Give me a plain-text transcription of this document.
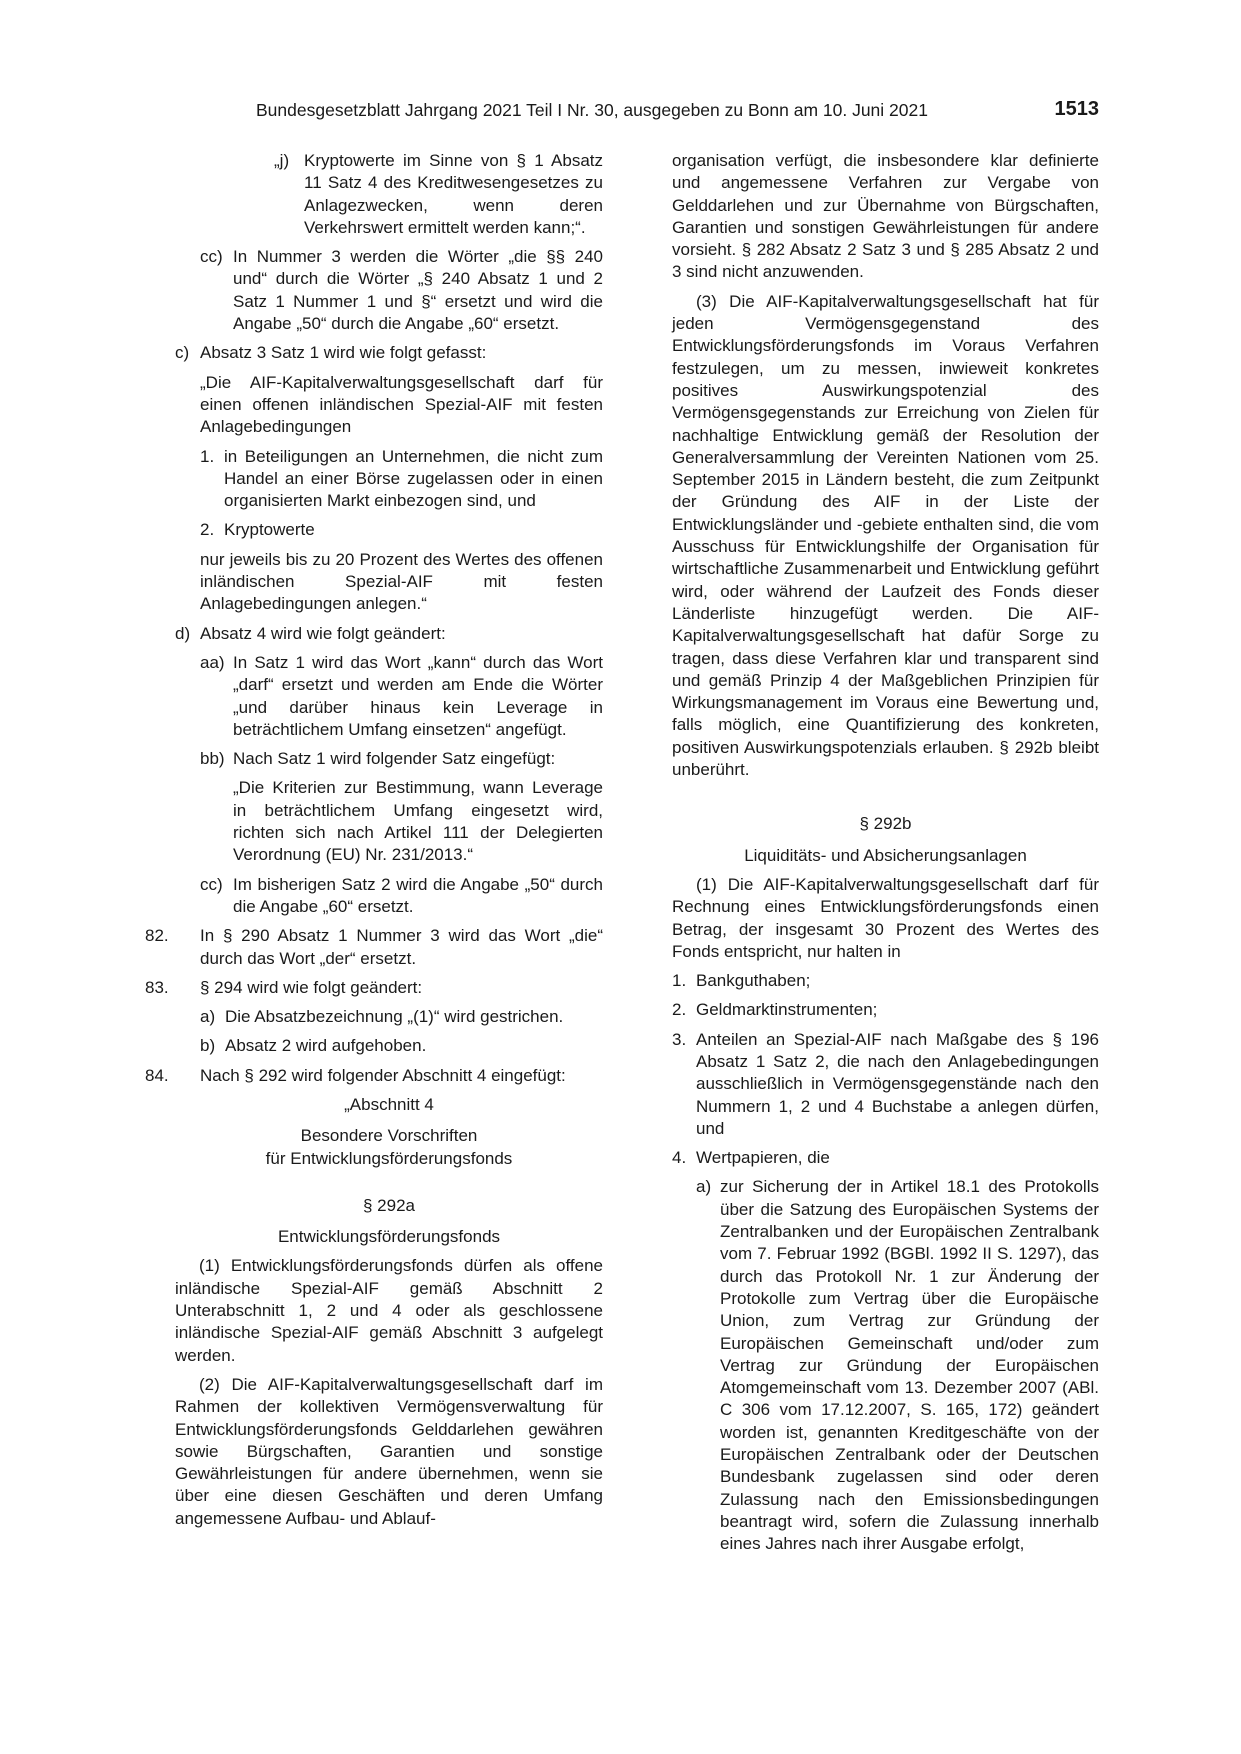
Bundesgesetzblatt Jahrgang 2021 Teil I Nr. 30, ausgegeben zu Bonn am 10. Juni 2021	1513
„j) Kryptowerte im Sinne von § 1 Absatz 11 Satz 4 des Kreditwesengesetzes zu Anlagezwecken, wenn deren Verkehrswert ermittelt werden kann;“.
cc) In Nummer 3 werden die Wörter „die §§ 240 und“ durch die Wörter „§ 240 Absatz 1 und 2 Satz 1 Nummer 1 und §“ ersetzt und wird die Angabe „50“ durch die Angabe „60“ ersetzt.
c) Absatz 3 Satz 1 wird wie folgt gefasst:

„Die AIF-Kapitalverwaltungsgesellschaft darf für einen offenen inländischen Spezial-AIF mit festen Anlagebedingungen

1. in Beteiligungen an Unternehmen, die nicht zum Handel an einer Börse zugelassen oder in einen organisierten Markt einbezogen sind, und
2. Kryptowerte

nur jeweils bis zu 20 Prozent des Wertes des offenen inländischen Spezial-AIF mit festen Anlagebedingungen anlegen.“

d) Absatz 4 wird wie folgt geändert:
aa) In Satz 1 wird das Wort „kann“ durch das Wort „darf“ ersetzt und werden am Ende die Wörter „und darüber hinaus kein Leverage in beträchtlichem Umfang einsetzen“ angefügt.
bb) Nach Satz 1 wird folgender Satz eingefügt:

„Die Kriterien zur Bestimmung, wann Leverage in beträchtlichem Umfang eingesetzt wird, richten sich nach Artikel 111 der Delegierten Verordnung (EU) Nr. 231/2013.“

cc) Im bisherigen Satz 2 wird die Angabe „50“ durch die Angabe „60“ ersetzt.
82. In § 290 Absatz 1 Nummer 3 wird das Wort „die“ durch das Wort „der“ ersetzt.
83. § 294 wird wie folgt geändert:
a) Die Absatzbezeichnung „(1)“ wird gestrichen.
b) Absatz 2 wird aufgehoben.
84. Nach § 292 wird folgender Abschnitt 4 eingefügt:

„Abschnitt 4

Besondere Vorschriften

für Entwicklungsförderungsfonds

§ 292a

Entwicklungsförderungsfonds

(1) Entwicklungsförderungsfonds dürfen als offene inländische Spezial-AIF gemäß Abschnitt 2 Unterabschnitt 1, 2 und 4 oder als geschlossene inländische Spezial-AIF gemäß Abschnitt 3 aufgelegt werden.

(2) Die AIF-Kapitalverwaltungsgesellschaft darf im Rahmen der kollektiven Vermögensverwaltung für Entwicklungsförderungsfonds Gelddarlehen gewähren sowie Bürgschaften, Garantien und sonstige Gewährleistungen für andere übernehmen, wenn sie über eine diesen Geschäften und deren Umfang angemessene Aufbau- und Ablauf-

organisation verfügt, die insbesondere klar definierte und angemessene Verfahren zur Vergabe von Gelddarlehen und zur Übernahme von Bürgschaften, Garantien und sonstigen Gewährleistungen für andere vorsieht. § 282 Absatz 2 Satz 3 und § 285 Absatz 2 und 3 sind nicht anzuwenden.

(3) Die AIF-Kapitalverwaltungsgesellschaft hat für jeden Vermögensgegenstand des Entwicklungsförderungsfonds im Voraus Verfahren festzulegen, um zu messen, inwieweit konkretes positives Auswirkungspotenzial des Vermögensgegenstands zur Erreichung von Zielen für nachhaltige Entwicklung gemäß der Resolution der Generalversammlung der Vereinten Nationen vom 25. September 2015 in Ländern besteht, die zum Zeitpunkt der Gründung des AIF in der Liste der Entwicklungsländer und -gebiete enthalten sind, die vom Ausschuss für Entwicklungshilfe der Organisation für wirtschaftliche Zusammenarbeit und Entwicklung geführt wird, oder während der Laufzeit des Fonds dieser Länderliste hinzugefügt werden. Die AIF-Kapitalverwaltungsgesellschaft hat dafür Sorge zu tragen, dass diese Verfahren klar und transparent sind und gemäß Prinzip 4 der Maßgeblichen Prinzipien für Wirkungsmanagement im Voraus eine Bewertung und, falls möglich, eine Quantifizierung des konkreten, positiven Auswirkungspotenzials erlauben. § 292b bleibt unberührt.

§ 292b

Liquiditäts- und Absicherungsanlagen

(1) Die AIF-Kapitalverwaltungsgesellschaft darf für Rechnung eines Entwicklungsförderungsfonds einen Betrag, der insgesamt 30 Prozent des Wertes des Fonds entspricht, nur halten in

1. Bankguthaben;
2. Geldmarktinstrumenten;
3. Anteilen an Spezial-AIF nach Maßgabe des § 196 Absatz 1 Satz 2, die nach den Anlagebedingungen ausschließlich in Vermögensgegenstände nach den Nummern 1, 2 und 4 Buchstabe a anlegen dürfen, und
4. Wertpapieren, die
a) zur Sicherung der in Artikel 18.1 des Protokolls über die Satzung des Europäischen Systems der Zentralbanken und der Europäischen Zentralbank vom 7. Februar 1992 (BGBl. 1992 II S. 1297), das durch das Protokoll Nr. 1 zur Änderung der Protokolle zum Vertrag über die Europäische Union, zum Vertrag zur Gründung der Europäischen Gemeinschaft und/oder zum Vertrag zur Gründung der Europäischen Atomgemeinschaft vom 13. Dezember 2007 (ABl. C 306 vom 17.12.2007, S. 165, 172) geändert worden ist, genannten Kreditgeschäfte von der Europäischen Zentralbank oder der Deutschen Bundesbank zugelassen sind oder deren Zulassung nach den Emissionsbedingungen beantragt wird, sofern die Zulassung innerhalb eines Jahres nach ihrer Ausgabe erfolgt,
